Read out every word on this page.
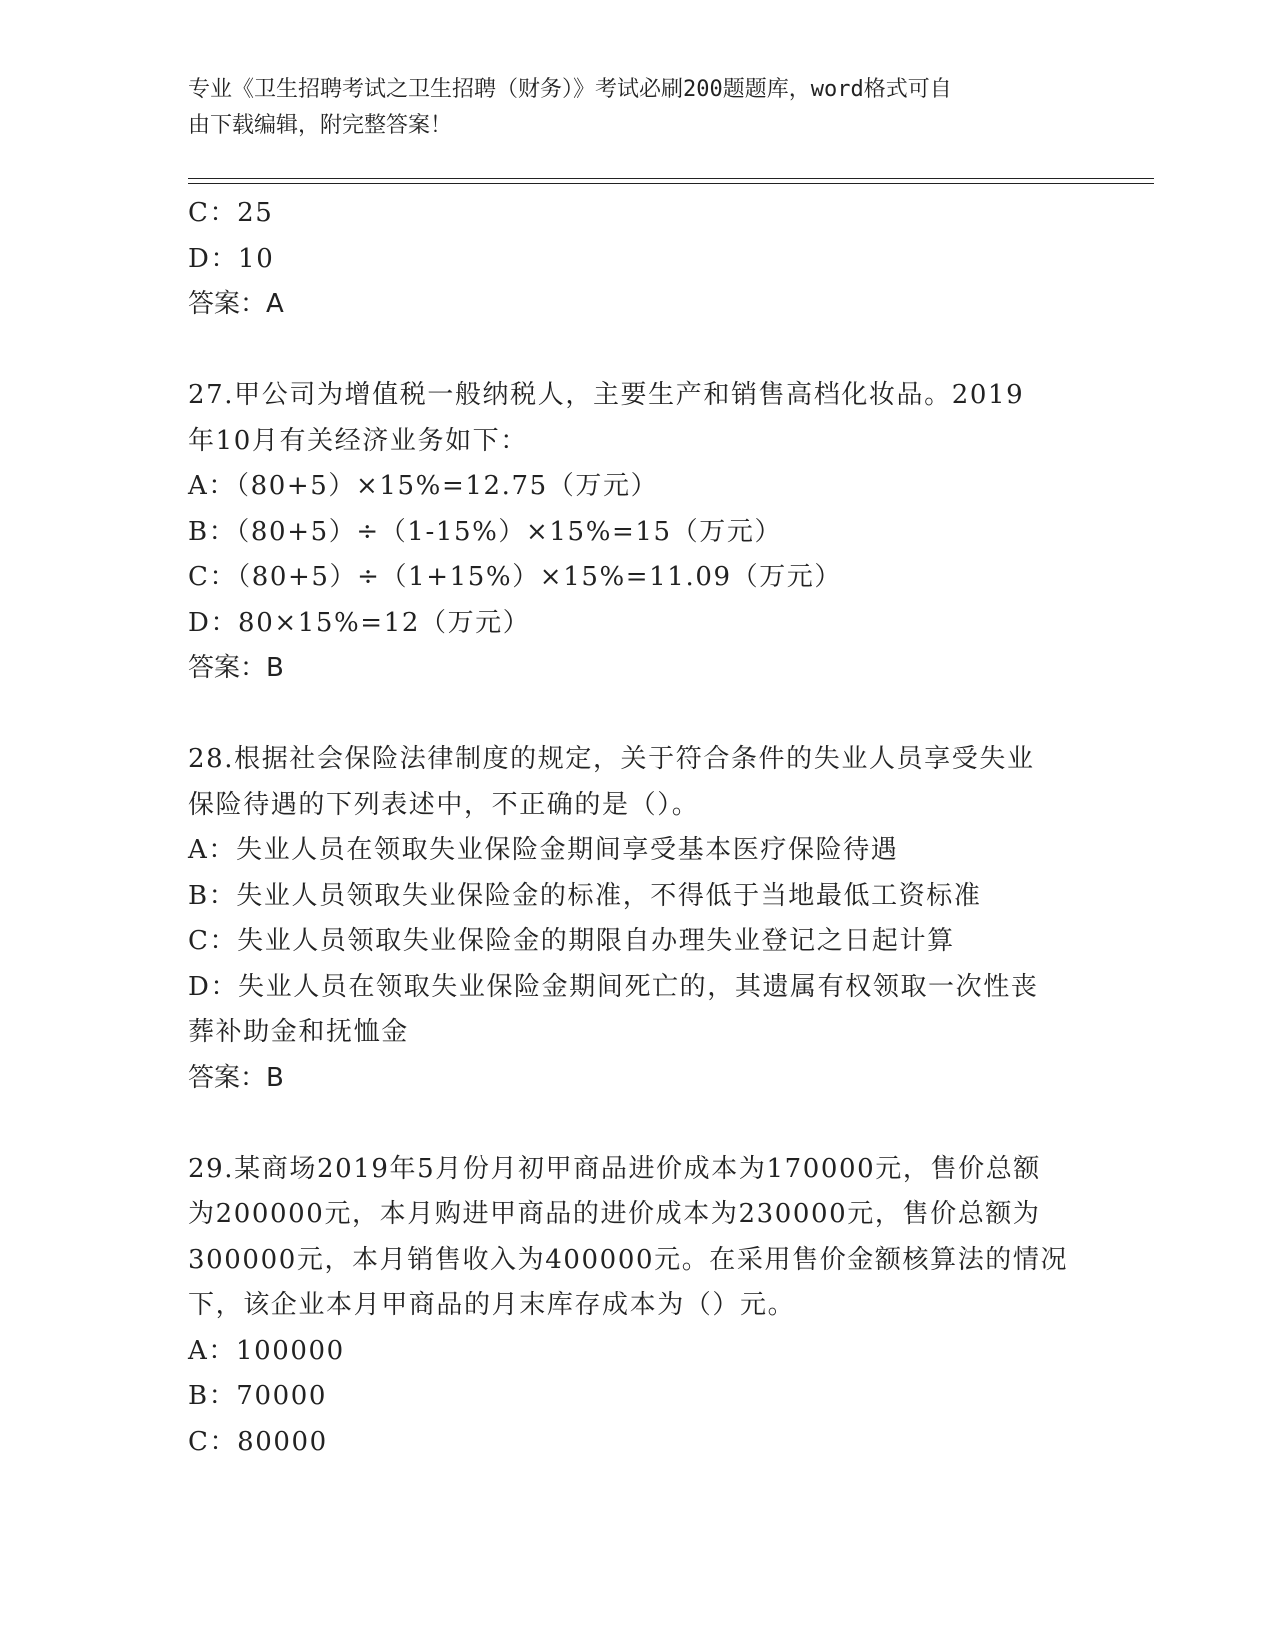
专业《卫生招聘考试之卫生招聘（财务）》考试必刷200题题库，word格式可自
由下载编辑，附完整答案！
C：25
D：10
答案：A
27.甲公司为增值税一般纳税人，主要生产和销售高档化妆品。2019
年10月有关经济业务如下：
A：（80+5）×15%=12.75（万元）
B：（80+5）÷（1-15%）×15%=15（万元）
C：（80+5）÷（1+15%）×15%=11.09（万元）
D：80×15%=12（万元）
答案：B
28.根据社会保险法律制度的规定，关于符合条件的失业人员享受失业
保险待遇的下列表述中，不正确的是（）。
A：失业人员在领取失业保险金期间享受基本医疗保险待遇
B：失业人员领取失业保险金的标准，不得低于当地最低工资标准
C：失业人员领取失业保险金的期限自办理失业登记之日起计算
D：失业人员在领取失业保险金期间死亡的，其遗属有权领取一次性丧
葬补助金和抚恤金
答案：B
29.某商场2019年5月份月初甲商品进价成本为170000元，售价总额
为200000元，本月购进甲商品的进价成本为230000元，售价总额为
300000元，本月销售收入为400000元。在采用售价金额核算法的情况
下，该企业本月甲商品的月末库存成本为（）元。
A：100000
B：70000
C：80000
